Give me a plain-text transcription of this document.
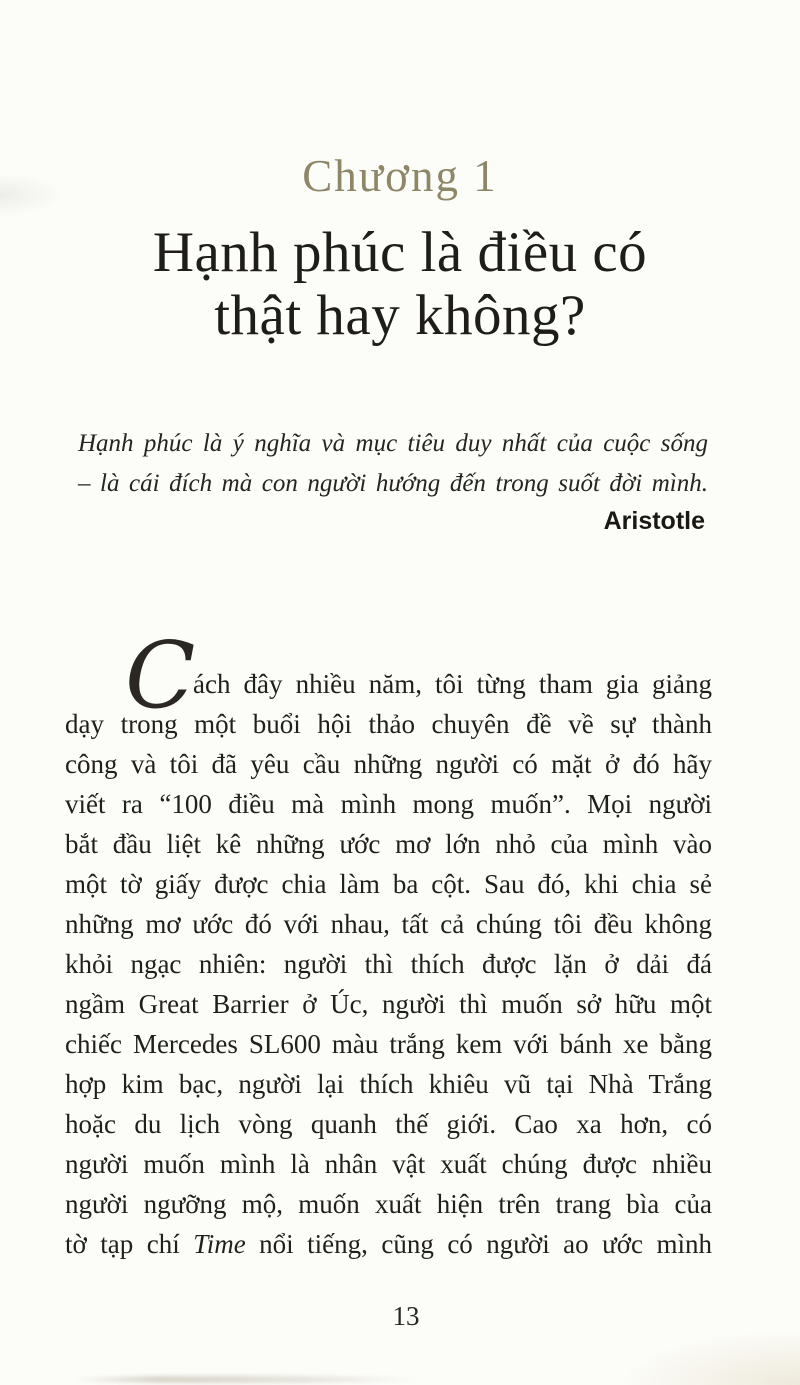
Chương 1
Hạnh phúc là điều có
thật hay không?
Hạnh phúc là ý nghĩa và mục tiêu duy nhất của cuộc sống
– là cái đích mà con người hướng đến trong suốt đời mình.
Aristotle
C
ách đây nhiều năm, tôi từng tham gia giảng
dạy trong một buổi hội thảo chuyên đề về sự thành
công và tôi đã yêu cầu những người có mặt ở đó hãy
viết ra “100 điều mà mình mong muốn”. Mọi người
bắt đầu liệt kê những ước mơ lớn nhỏ của mình vào
một tờ giấy được chia làm ba cột. Sau đó, khi chia sẻ
những mơ ước đó với nhau, tất cả chúng tôi đều không
khỏi ngạc nhiên: người thì thích được lặn ở dải đá
ngầm Great Barrier ở Úc, người thì muốn sở hữu một
chiếc Mercedes SL600 màu trắng kem với bánh xe bằng
hợp kim bạc, người lại thích khiêu vũ tại Nhà Trắng
hoặc du lịch vòng quanh thế giới. Cao xa hơn, có
người muốn mình là nhân vật xuất chúng được nhiều
người ngưỡng mộ, muốn xuất hiện trên trang bìa của
tờ tạp chí Time nổi tiếng, cũng có người ao ước mình
13
